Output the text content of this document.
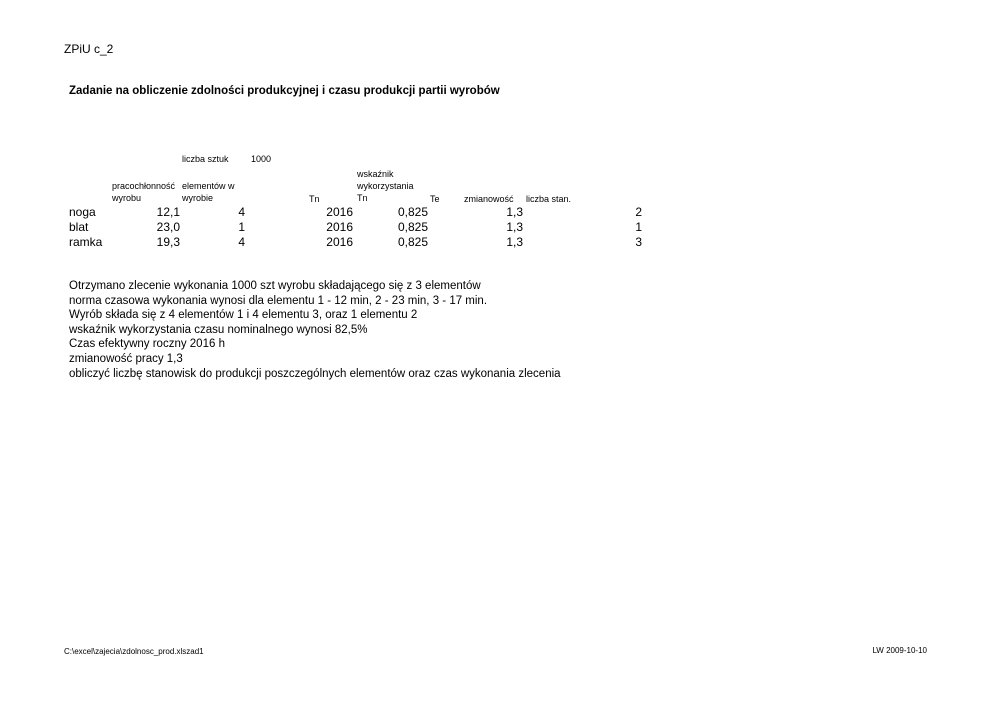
ZPiU c_2
Zadanie na obliczenie zdolności produkcyjnej i czasu produkcji partii wyrobów
liczba sztuk 1000
pracochłonność
wyrobu
elementów w
wyrobie	Tn
wskaźnik
wykorzystania
Tn	Te	zmianowość liczba stan.
noga	12,1	4	2016	0,825	1,3	2
blat	23,0	1	2016	0,825	1,3	1
ramka	19,3	4	2016	0,825	1,3	3
Otrzymano zlecenie wykonania 1000 szt wyrobu składającego się z 3 elementów
norma czasowa wykonania wynosi dla elementu 1 - 12 min, 2 - 23 min, 3 - 17 min.
Wyrób składa się z 4 elementów 1 i 4 elementu 3, oraz 1 elementu 2
wskaźnik wykorzystania czasu nominalnego wynosi 82,5%
Czas efektywny roczny 2016 h
zmianowość pracy 1,3
obliczyć liczbę stanowisk do produkcji poszczególnych elementów oraz czas wykonania zlecenia
C:\excel\zajecia\zdolnosc_prod.xlszad1	LW 2009-10-10
